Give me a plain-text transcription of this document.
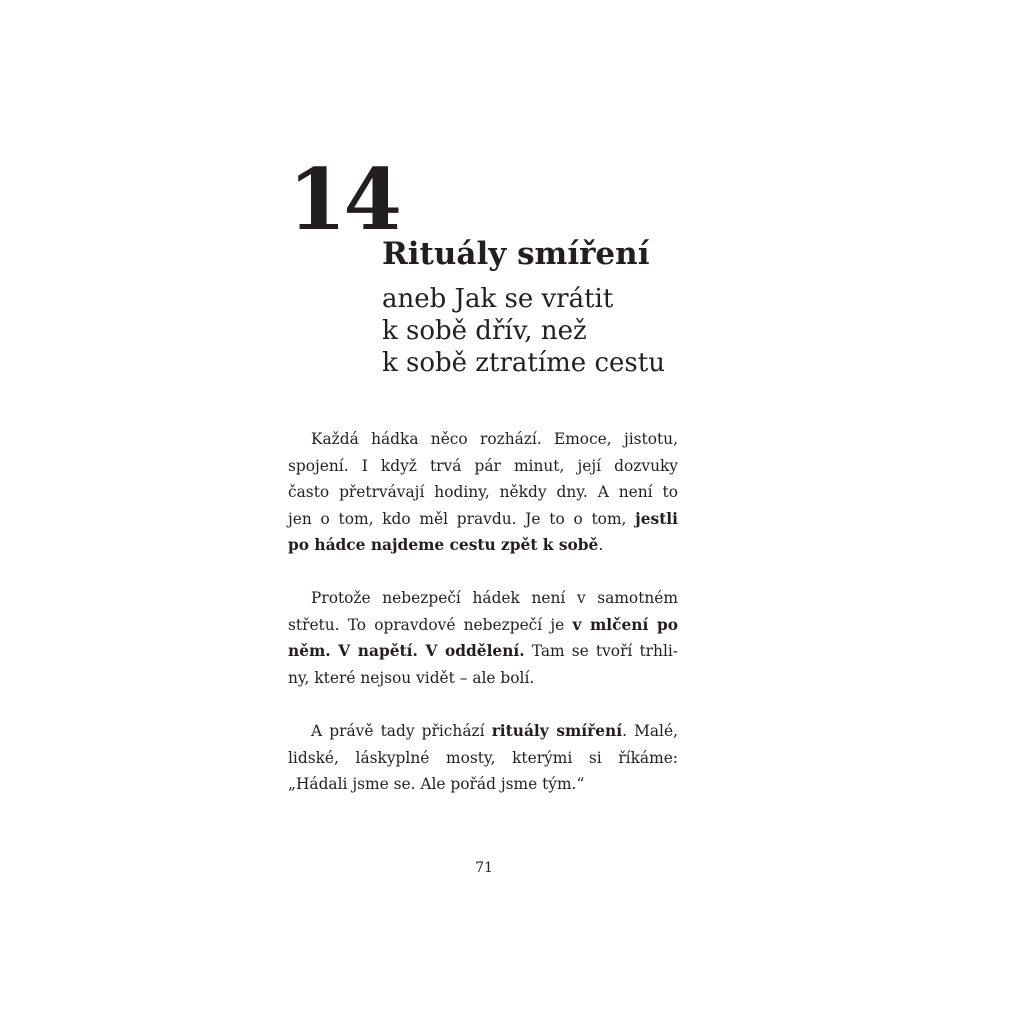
14
Rituály smíření
aneb Jak se vrátit
k sobě dřív, než
k sobě ztratíme cestu
Každá hádka něco rozhází. Emoce, jistotu,
spojení. I když trvá pár minut, její dozvuky
často přetrvávají hodiny, někdy dny. A není to
jen o tom, kdo měl pravdu. Je to o tom, jestli
po hádce najdeme cestu zpět k sobě.
Protože nebezpečí hádek není v samotném
střetu. To opravdové nebezpečí je v mlčení po
něm. V napětí. V oddělení. Tam se tvoří trhli-
ny, které nejsou vidět – ale bolí.
A právě tady přichází rituály smíření. Malé,
lidské, láskyplné mosty, kterými si říkáme:
„Hádali jsme se. Ale pořád jsme tým.“

71
